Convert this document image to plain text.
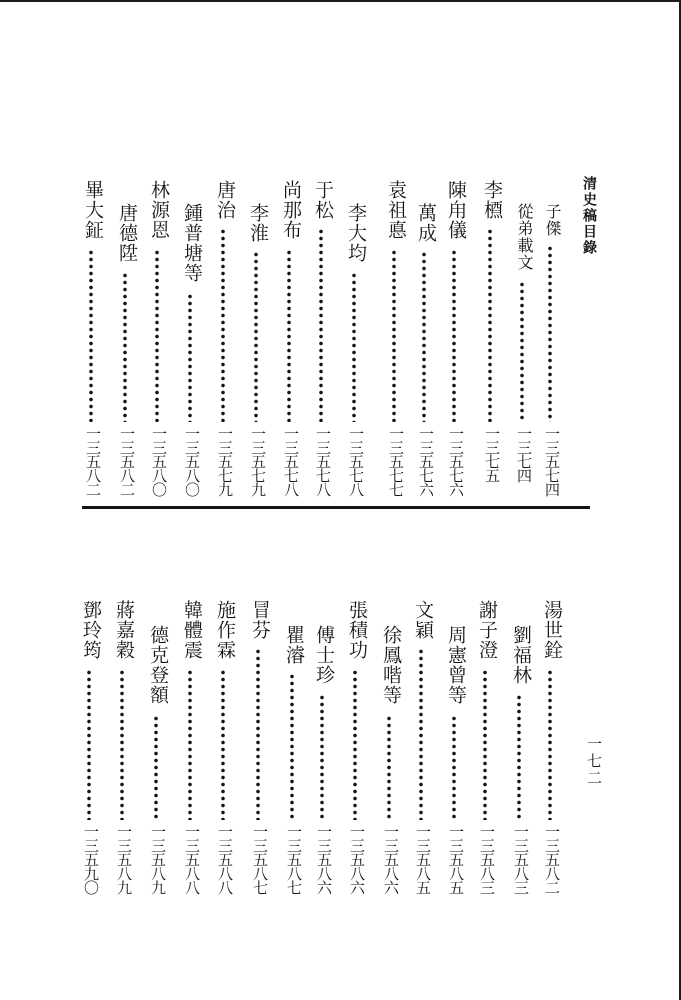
清史稿目錄
一七二
子傑
一三五七四
從弟載文
一三七四
李槱
一三七五
陳甪儀
一三五七六
萬成
一三五七六
袁祖悳
一三五七七
李大均
一三五七八
于松
一三五七八
尚那布
一三五七八
李淮
一三五七九
唐治
一三五七九
鍾普塘等
一三五八〇
林源恩
一三五八〇
唐德陞
一三五八二
畢大鉦
一三五八二
湯世銓
一三五八二
劉福林
一三五八三
謝子澄
一三五八三
周憲曾等
一三五八五
文穎
一三五八五
徐鳳喈等
一三五八六
張積功
一三五八六
傅士珍
一三五八六
瞿濬
一三五八七
冒芬
一三五八七
施作霖
一三五八八
韓體震
一三五八八
德克登額
一三五八九
蔣嘉穀
一三五八九
鄧玲筠
一三五九〇
